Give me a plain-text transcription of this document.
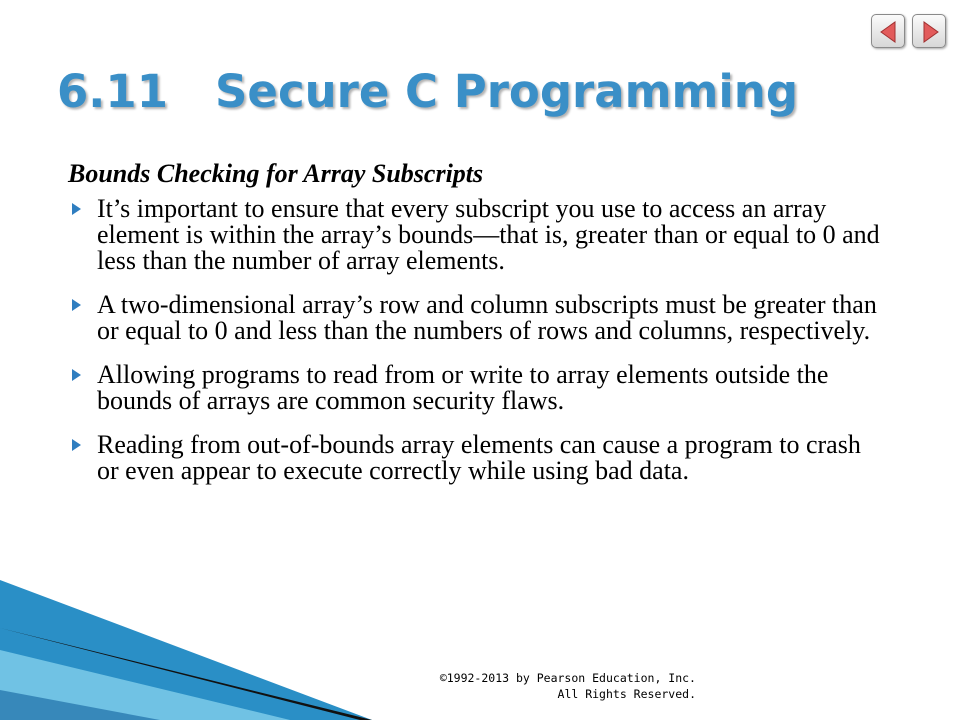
6.11   Secure C Programming
Bounds Checking for Array Subscripts
It’s important to ensure that every subscript you use to access an array element is within the array’s bounds—that is, greater than or equal to 0 and less than the number of array elements.
A two-dimensional array’s row and column subscripts must be greater than or equal to 0 and less than the numbers of rows and columns, respectively.
Allowing programs to read from or write to array elements outside the bounds of arrays are common security flaws.
Reading from out-of-bounds array elements can cause a program to crash or even appear to execute correctly while using bad data.
©1992-2013 by Pearson Education, Inc.
All Rights Reserved.
